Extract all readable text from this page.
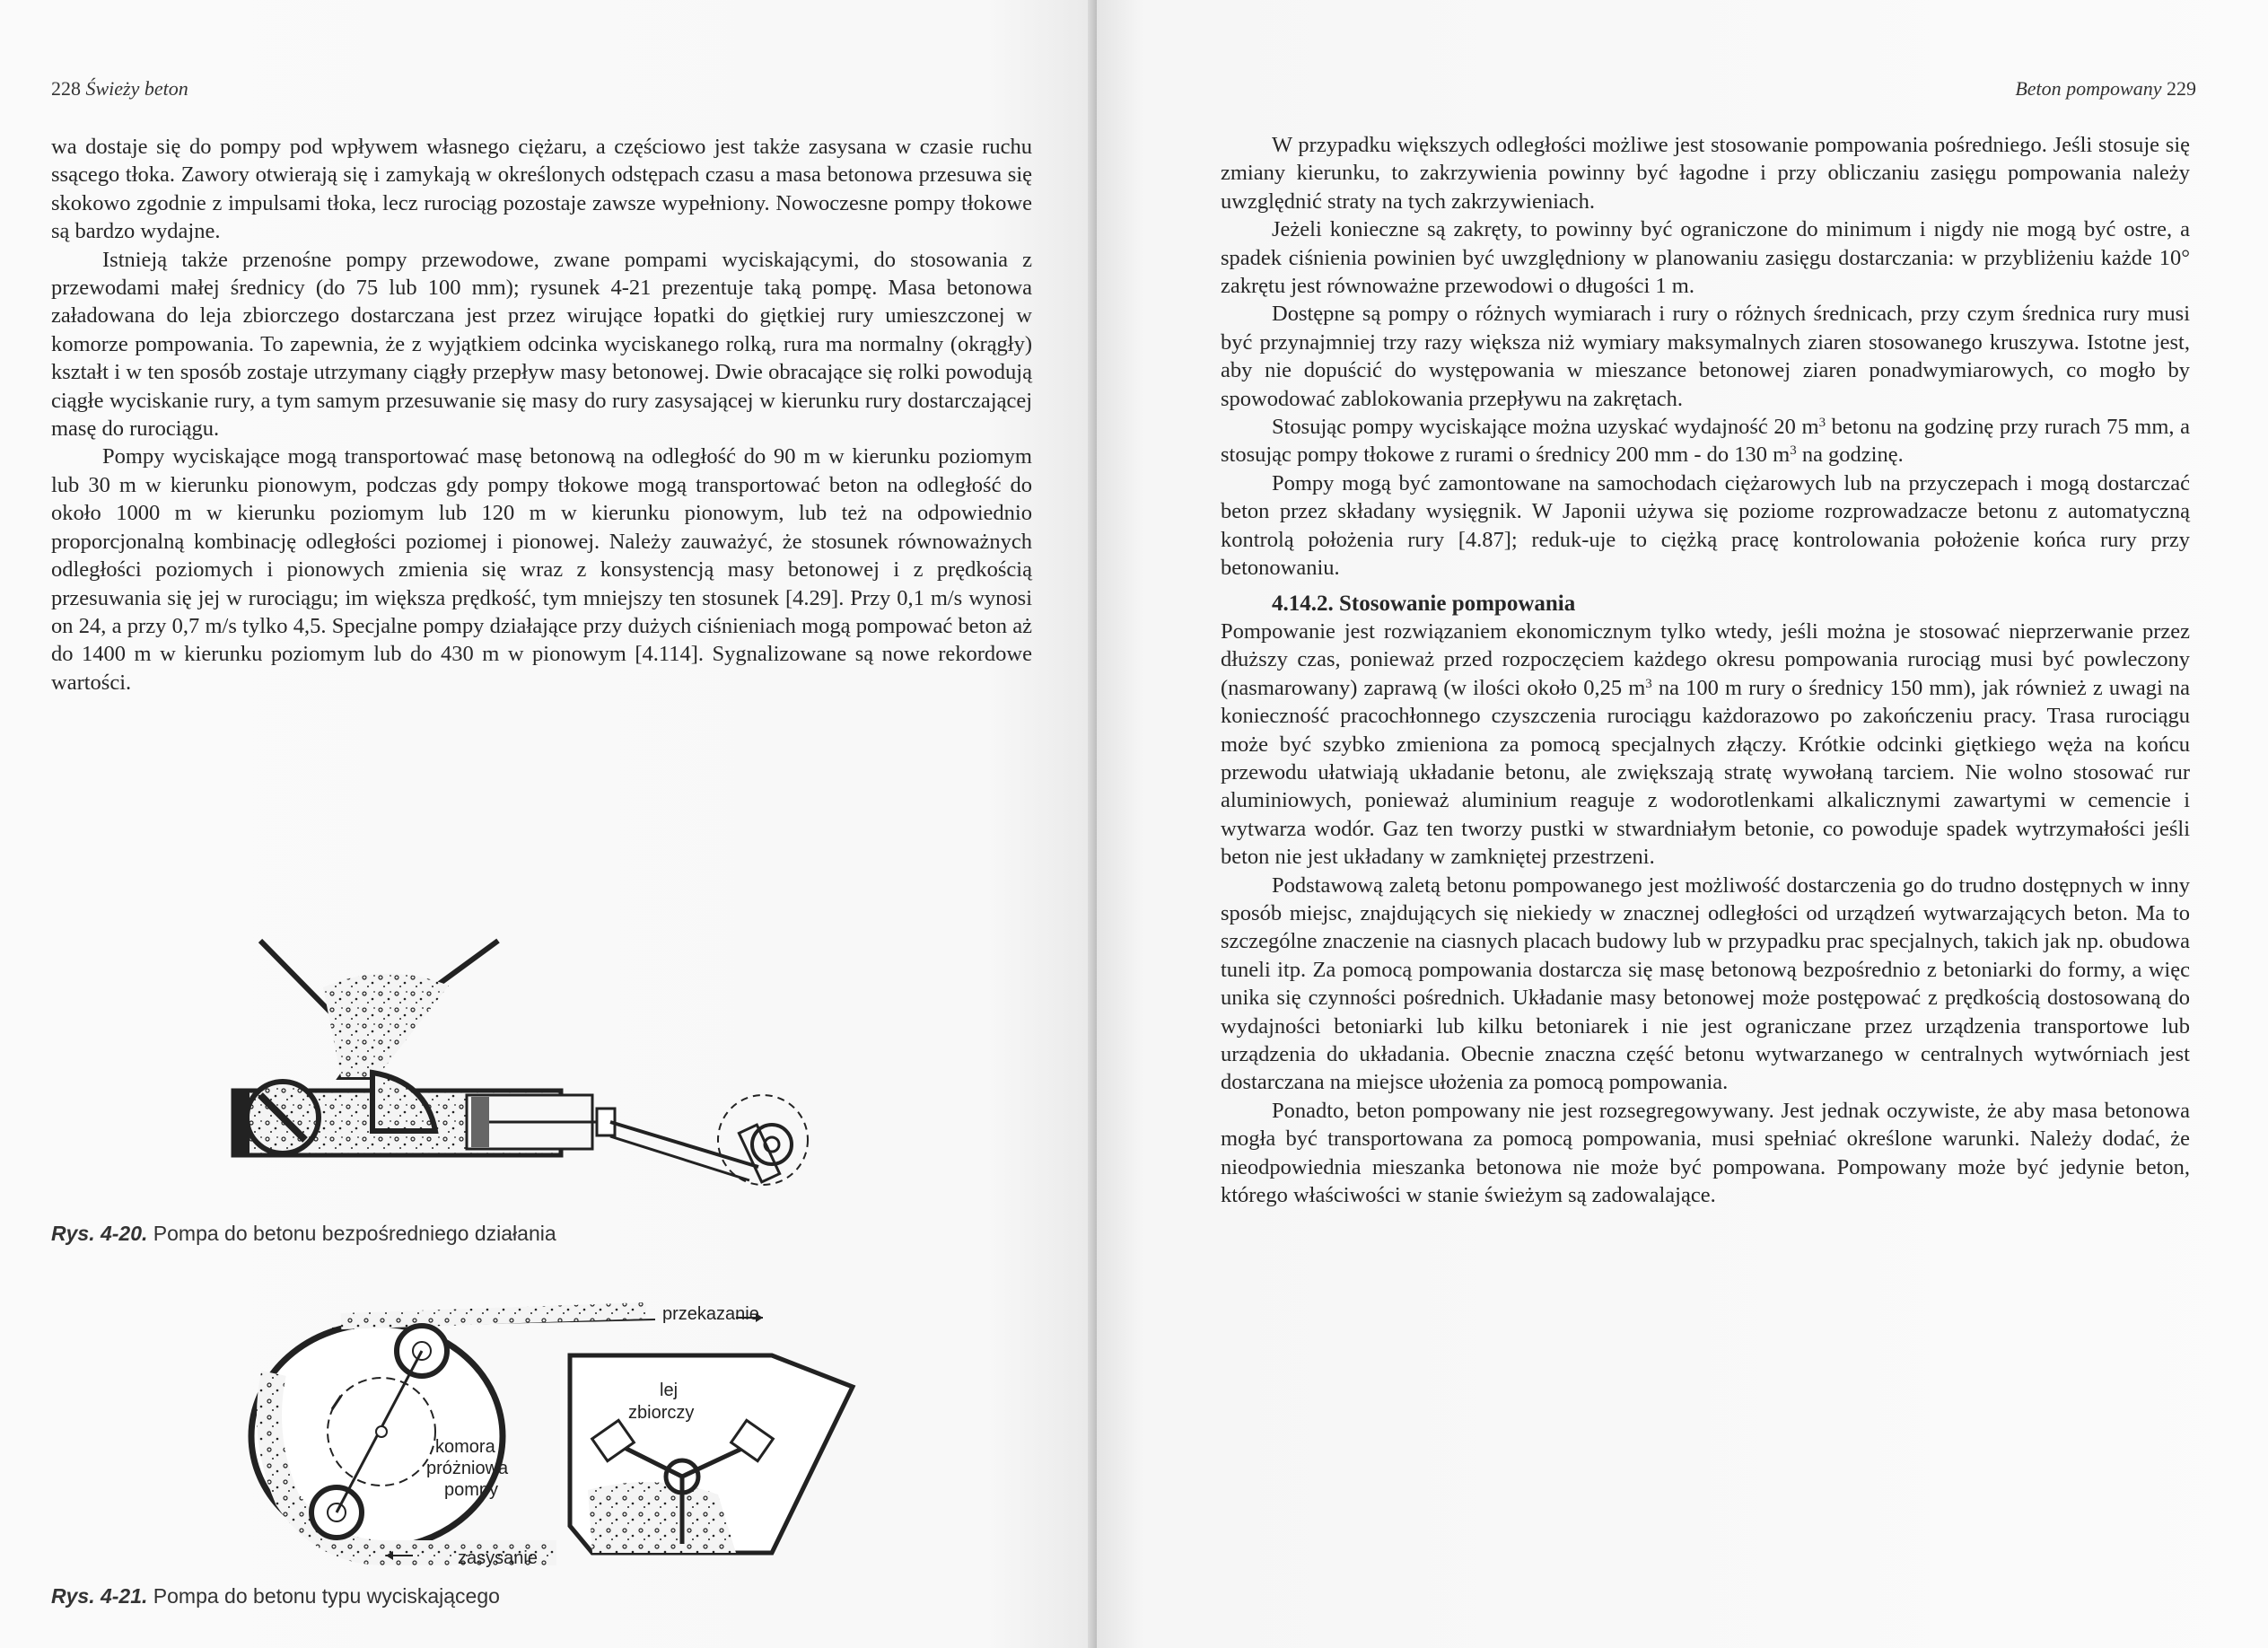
228 Świeży beton

wa dostaje się do pompy pod wpływem własnego ciężaru, a częściowo jest także zasysana w czasie ruchu ssącego tłoka. Zawory otwierają się i zamykają w określonych odstępach czasu a masa betonowa przesuwa się skokowo zgodnie z impulsami tłoka, lecz rurociąg pozostaje zawsze wypełniony. Nowoczesne pompy tłokowe są bardzo wydajne.

Istnieją także przenośne pompy przewodowe, zwane pompami wyciskającymi, do stosowania z przewodami małej średnicy (do 75 lub 100 mm); rysunek 4-21 prezentuje taką pompę. Masa betonowa załadowana do leja zbiorczego dostarczana jest przez wirujące łopatki do giętkiej rury umieszczonej w komorze pompowania. To zapewnia, że z wyjątkiem odcinka wyciskanego rolką, rura ma normalny (okrągły) kształt i w ten sposób zostaje utrzymany ciągły przepływ masy betonowej. Dwie obracające się rolki powodują ciągłe wyciskanie rury, a tym samym przesuwanie się masy do rury zasysającej w kierunku rury dostarczającej masę do rurociągu.

Pompy wyciskające mogą transportować masę betonową na odległość do 90 m w kierunku poziomym lub 30 m w kierunku pionowym, podczas gdy pompy tłokowe mogą transportować beton na odległość do około 1000 m w kierunku poziomym lub 120 m w kierunku pionowym, lub też na odpowiednio proporcjonalną kombinację odległości poziomej i pionowej. Należy zauważyć, że stosunek równoważnych odległości poziomych i pionowych zmienia się wraz z konsystencją masy betonowej i z prędkością przesuwania się jej w rurociągu; im większa prędkość, tym mniejszy ten stosunek [4.29]. Przy 0,1 m/s wynosi on 24, a przy 0,7 m/s tylko 4,5. Specjalne pompy działające przy dużych ciśnieniach mogą pompować beton aż do 1400 m w kierunku poziomym lub do 430 m w pionowym [4.114]. Sygnalizowane są nowe rekordowe wartości.

Rys. 4-20. Pompa do betonu bezpośredniego działania
przekazanie
lej
zbiorczy
komora
próżniowa
pompy
zasysanie
Rys. 4-21. Pompa do betonu typu wyciskającego
Beton pompowany 229

W przypadku większych odległości możliwe jest stosowanie pompowania pośredniego. Jeśli stosuje się zmiany kierunku, to zakrzywienia powinny być łagodne i przy obliczaniu zasięgu pompowania należy uwzględnić straty na tych zakrzywieniach.

Jeżeli konieczne są zakręty, to powinny być ograniczone do minimum i nigdy nie mogą być ostre, a spadek ciśnienia powinien być uwzględniony w planowaniu zasięgu dostarczania: w przybliżeniu każde 10° zakrętu jest równoważne przewodowi o długości 1 m.

Dostępne są pompy o różnych wymiarach i rury o różnych średnicach, przy czym średnica rury musi być przynajmniej trzy razy większa niż wymiary maksymalnych ziaren stosowanego kruszywa. Istotne jest, aby nie dopuścić do występowania w mieszance betonowej ziaren ponadwymiarowych, co mogło by spowodować zablokowania przepływu na zakrętach.

Stosując pompy wyciskające można uzyskać wydajność 20 $m^3$ betonu na godzinę przy rurach 75 mm, a stosując pompy tłokowe z rurami o średnicy 200 mm - do 130 $m^3$ na godzinę.

Pompy mogą być zamontowane na samochodach ciężarowych lub na przyczepach i mogą dostarczać beton przez składany wysięgnik. W Japonii używa się poziome rozprowadzacze betonu z automatyczną kontrolą położenia rury [4.87]; reduk-uje to ciężką pracę kontrolowania położenie końca rury przy betonowaniu.

4.14.2. Stosowanie pompowania

Pompowanie jest rozwiązaniem ekonomicznym tylko wtedy, jeśli można je stosować nieprzerwanie przez dłuższy czas, ponieważ przed rozpoczęciem każdego okresu pompowania rurociąg musi być powleczony (nasmarowany) zaprawą (w ilości około 0,25 $m^3$ na 100 m rury o średnicy 150 mm), jak również z uwagi na konieczność pracochłonnego czyszczenia rurociągu każdorazowo po zakończeniu pracy. Trasa rurociągu może być szybko zmieniona za pomocą specjalnych złączy. Krótkie odcinki giętkiego węża na końcu przewodu ułatwiają układanie betonu, ale zwiększają stratę wywołaną tarciem. Nie wolno stosować rur aluminiowych, ponieważ aluminium reaguje z wodorotlenkami alkalicznymi zawartymi w cemencie i wytwarza wodór. Gaz ten tworzy pustki w stwardniałym betonie, co powoduje spadek wytrzymałości jeśli beton nie jest układany w zamkniętej przestrzeni.

Podstawową zaletą betonu pompowanego jest możliwość dostarczenia go do trudno dostępnych w inny sposób miejsc, znajdujących się niekiedy w znacznej odległości od urządzeń wytwarzających beton. Ma to szczególne znaczenie na ciasnych placach budowy lub w przypadku prac specjalnych, takich jak np. obudowa tuneli itp. Za pomocą pompowania dostarcza się masę betonową bezpośrednio z betoniarki do formy, a więc unika się czynności pośrednich. Układanie masy betonowej może postępować z prędkością dostosowaną do wydajności betoniarki lub kilku betoniarek i nie jest ograniczane przez urządzenia transportowe lub urządzenia do układania. Obecnie znaczna część betonu wytwarzanego w centralnych wytwórniach jest dostarczana na miejsce ułożenia za pomocą pompowania.

Ponadto, beton pompowany nie jest rozsegregowywany. Jest jednak oczywiste, że aby masa betonowa mogła być transportowana za pomocą pompowania, musi spełniać określone warunki. Należy dodać, że nieodpowiednia mieszanka betonowa nie może być pompowana. Pompowany może być jedynie beton, którego właściwości w stanie świeżym są zadowalające.
